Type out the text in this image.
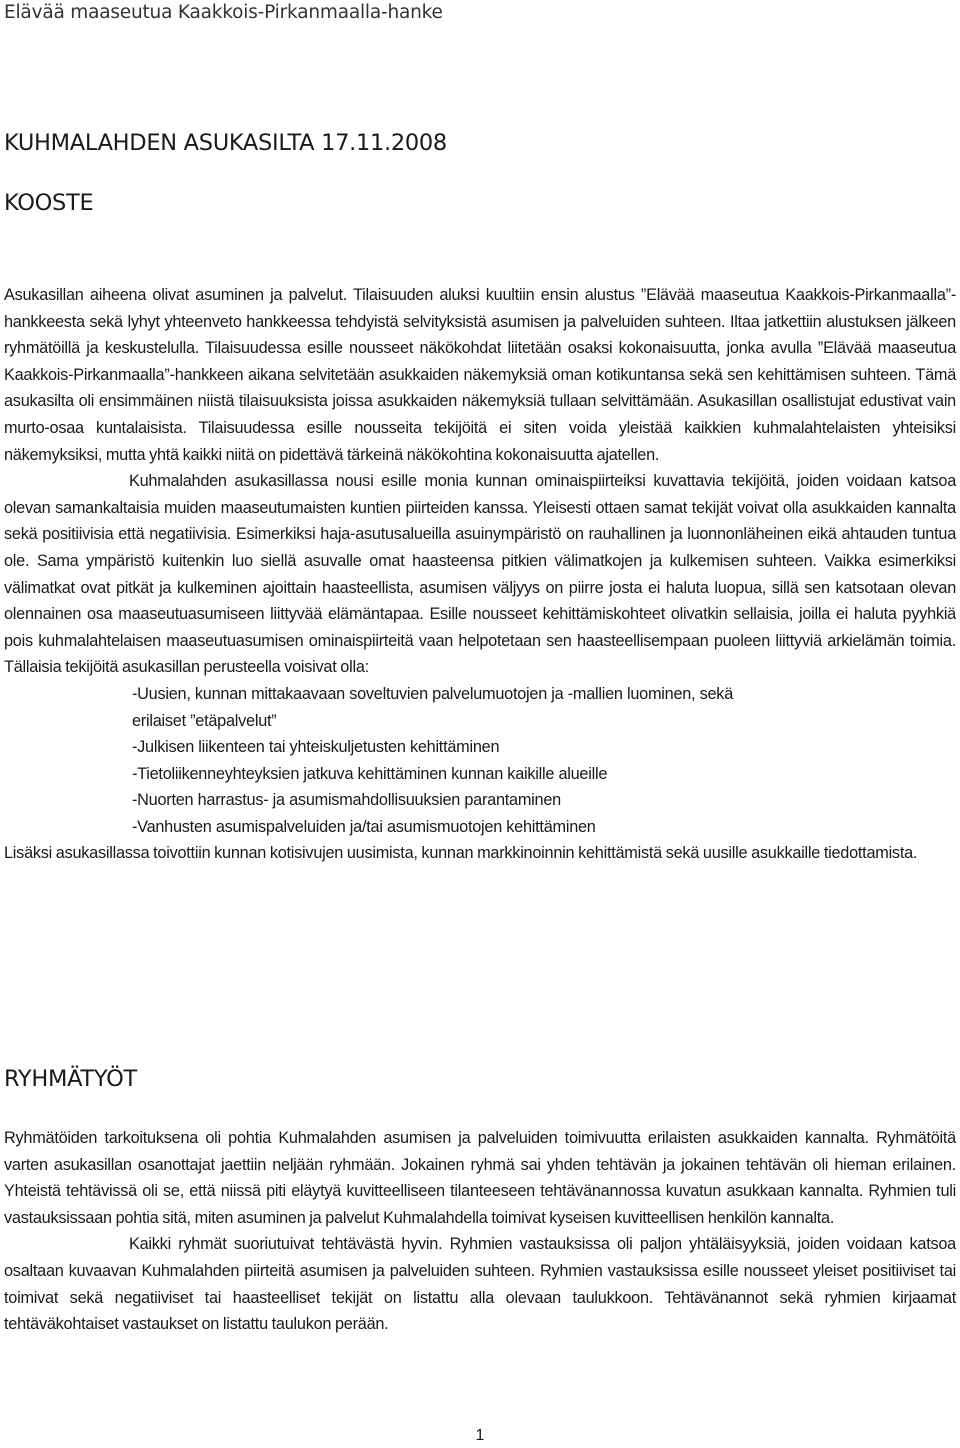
Elävää maaseutua Kaakkois-Pirkanmaalla-hanke
KUHMALAHDEN ASUKASILTA 17.11.2008
KOOSTE

Asukasillan aiheena olivat asuminen ja palvelut. Tilaisuuden aluksi kuultiin ensin alustus ”Elävää maaseutua Kaakkois-Pirkanmaalla”-hankkeesta sekä lyhyt yhteenveto hankkeessa tehdyistä selvityksistä asumisen ja palveluiden suhteen. Iltaa jatkettiin alustuksen jälkeen ryhmätöillä ja keskustelulla. Tilaisuudessa esille nousseet näkökohdat liitetään osaksi kokonaisuutta, jonka avulla ”Elävää maaseutua Kaakkois-Pirkanmaalla”-hankkeen aikana selvitetään asukkaiden näkemyksiä oman kotikuntansa sekä sen kehittämisen suhteen. Tämä asukasilta oli ensimmäinen niistä tilaisuuksista joissa asukkaiden näkemyksiä tullaan selvittämään. Asukasillan osallistujat edustivat vain murto-osaa kuntalaisista. Tilaisuudessa esille nousseita tekijöitä ei siten voida yleistää kaikkien kuhmalahtelaisten yhteisiksi näkemyksiksi, mutta yhtä kaikki niitä on pidettävä tärkeinä näkökohtina kokonaisuutta ajatellen.

Kuhmalahden asukasillassa nousi esille monia kunnan ominaispiirteiksi kuvattavia tekijöitä, joiden voidaan katsoa olevan samankaltaisia muiden maaseutumaisten kuntien piirteiden kanssa. Yleisesti ottaen samat tekijät voivat olla asukkaiden kannalta sekä positiivisia että negatiivisia. Esimerkiksi haja-asutusalueilla asuinympäristö on rauhallinen ja luonnonläheinen eikä ahtauden tuntua ole. Sama ympäristö kuitenkin luo siellä asuvalle omat haasteensa pitkien välimatkojen ja kulkemisen suhteen. Vaikka esimerkiksi välimatkat ovat pitkät ja kulkeminen ajoittain haasteellista, asumisen väljyys on piirre josta ei haluta luopua, sillä sen katsotaan olevan olennainen osa maaseutuasumiseen liittyvää elämäntapaa. Esille nousseet kehittämiskohteet olivatkin sellaisia, joilla ei haluta pyyhkiä pois kuhmalahtelaisen maaseutuasumisen ominaispiirteitä vaan helpotetaan sen haasteellisempaan puoleen liittyviä arkielämän toimia. Tällaisia tekijöitä asukasillan perusteella voisivat olla:

-Uusien, kunnan mittakaavaan soveltuvien palvelumuotojen ja -mallien luominen, sekä erilaiset ”etäpalvelut”
-Julkisen liikenteen tai yhteiskuljetusten kehittäminen
-Tietoliikenneyhteyksien jatkuva kehittäminen kunnan kaikille alueille
-Nuorten harrastus- ja asumismahdollisuuksien parantaminen
-Vanhusten asumispalveluiden ja/tai asumismuotojen kehittäminen

Lisäksi asukasillassa toivottiin kunnan kotisivujen uusimista, kunnan markkinoinnin kehittämistä sekä uusille asukkaille tiedottamista.

RYHMÄTYÖT

Ryhmätöiden tarkoituksena oli pohtia Kuhmalahden asumisen ja palveluiden toimivuutta erilaisten asukkaiden kannalta. Ryhmätöitä varten asukasillan osanottajat jaettiin neljään ryhmään. Jokainen ryhmä sai yhden tehtävän ja jokainen tehtävän oli hieman erilainen. Yhteistä tehtävissä oli se, että niissä piti eläytyä kuvitteelliseen tilanteeseen tehtävänannossa kuvatun asukkaan kannalta. Ryhmien tuli vastauksissaan pohtia sitä, miten asuminen ja palvelut Kuhmalahdella toimivat kyseisen kuvitteellisen henkilön kannalta.

Kaikki ryhmät suoriutuivat tehtävästä hyvin. Ryhmien vastauksissa oli paljon yhtäläisyyksiä, joiden voidaan katsoa osaltaan kuvaavan Kuhmalahden piirteitä asumisen ja palveluiden suhteen. Ryhmien vastauksissa esille nousseet yleiset positiiviset tai toimivat sekä negatiiviset tai haasteelliset tekijät on listattu alla olevaan taulukkoon. Tehtävänannot sekä ryhmien kirjaamat tehtäväkohtaiset vastaukset on listattu taulukon perään.

1
